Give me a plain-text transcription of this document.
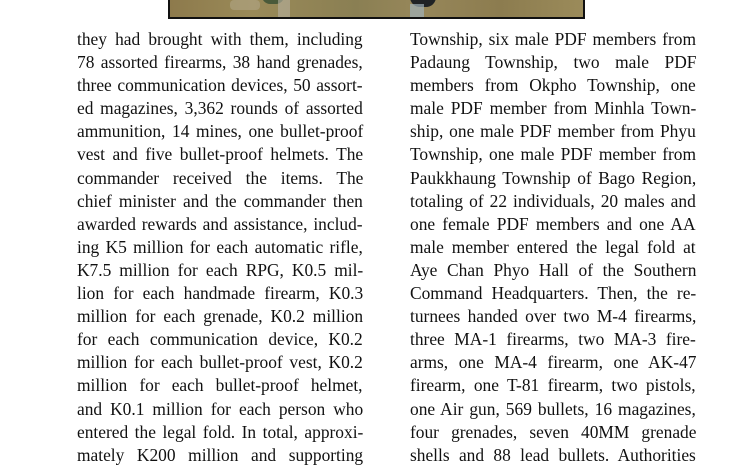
they had brought with them, including
78 assorted firearms, 38 hand grenades,
three communication devices, 50 assort-
ed magazines, 3,362 rounds of assorted
ammunition, 14 mines, one bullet-proof
vest and five bullet-proof helmets. The
commander received the items. The
chief minister and the commander then
awarded rewards and assistance, includ-
ing K5 million for each automatic rifle,
K7.5 million for each RPG, K0.5 mil-
lion for each handmade firearm, K0.3
million for each grenade, K0.2 million
for each communication device, K0.2
million for each bullet-proof vest, K0.2
million for each bullet-proof helmet,
and K0.1 million for each person who
entered the legal fold. In total, approxi-
mately K200 million and supporting
Township, six male PDF members from
Padaung Township, two male PDF
members from Okpho Township, one
male PDF member from Minhla Town-
ship, one male PDF member from Phyu
Township, one male PDF member from
Paukkhaung Township of Bago Region,
totaling of 22 individuals, 20 males and
one female PDF members and one AA
male member entered the legal fold at
Aye Chan Phyo Hall of the Southern
Command Headquarters. Then, the re-
turnees handed over two M-4 firearms,
three MA-1 firearms, two MA-3 fire-
arms, one MA-4 firearm, one AK-47
firearm, one T-81 firearm, two pistols,
one Air gun, 569 bullets, 16 magazines,
four grenades, seven 40MM grenade
shells and 88 lead bullets. Authorities
